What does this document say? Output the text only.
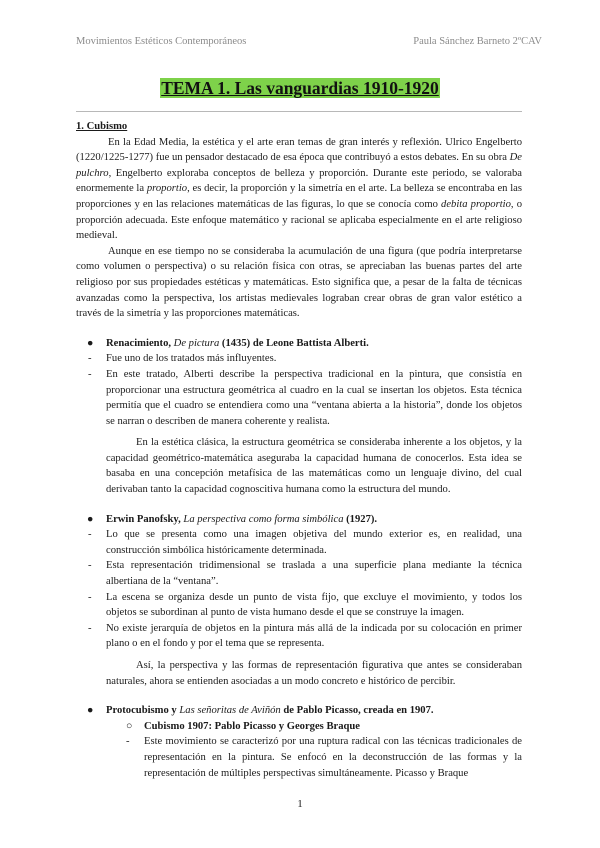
Movimientos Estéticos Contemporáneos	Paula Sánchez Barneto 2ºCAV
TEMA 1. Las vanguardias 1910-1920

1. Cubismo

En la Edad Media, la estética y el arte eran temas de gran interés y reflexión. Ulrico Engelberto (1220/1225-1277) fue un pensador destacado de esa época que contribuyó a estos debates. En su obra De pulchro, Engelberto exploraba conceptos de belleza y proporción. Durante este periodo, se valoraba enormemente la proportio, es decir, la proporción y la simetría en el arte. La belleza se encontraba en las proporciones y en las relaciones matemáticas de las figuras, lo que se conocía como debita proportio, o proporción adecuada. Este enfoque matemático y racional se aplicaba especialmente en el arte religioso medieval.

Aunque en ese tiempo no se consideraba la acumulación de una figura (que podría interpretarse como volumen o perspectiva) o su relación física con otras, se apreciaban las buenas partes del arte religioso por sus propiedades estéticas y matemáticas. Esto significa que, a pesar de la falta de técnicas avanzadas como la perspectiva, los artistas medievales lograban crear obras de gran valor estético a través de la simetría y las proporciones matemáticas.

● Renacimiento, De pictura (1435) de Leone Battista Alberti.

- Fue uno de los tratados más influyentes.

- En este tratado, Alberti describe la perspectiva tradicional en la pintura, que consistía en proporcionar una estructura geométrica al cuadro en la cual se insertan los objetos. Esta técnica permitía que el cuadro se entendiera como una “ventana abierta a la historia”, donde los objetos se narran o describen de manera coherente y realista.

En la estética clásica, la estructura geométrica se consideraba inherente a los objetos, y la capacidad geométrico-matemática aseguraba la capacidad humana de conocerlos. Esta idea se basaba en una concepción metafísica de las matemáticas como un lenguaje divino, del cual derivaban tanto la capacidad cognoscitiva humana como la estructura del mundo.

● Erwin Panofsky, La perspectiva como forma simbólica (1927).

- Lo que se presenta como una imagen objetiva del mundo exterior es, en realidad, una construcción simbólica históricamente determinada.

- Esta representación tridimensional se traslada a una superficie plana mediante la técnica albertiana de la “ventana”.

- La escena se organiza desde un punto de vista fijo, que excluye el movimiento, y todos los objetos se subordinan al punto de vista humano desde el que se construye la imagen.

- No existe jerarquía de objetos en la pintura más allá de la indicada por su colocación en primer plano o en el fondo y por el tema que se representa.

Así, la perspectiva y las formas de representación figurativa que antes se consideraban naturales, ahora se entienden asociadas a un modo concreto e histórico de percibir.

● Protocubismo y Las señoritas de Aviñón de Pablo Picasso, creada en 1907.

○ Cubismo 1907: Pablo Picasso y Georges Braque

- Este movimiento se caracterizó por una ruptura radical con las técnicas tradicionales de representación en la pintura. Se enfocó en la deconstrucción de las formas y la representación de múltiples perspectivas simultáneamente. Picasso y Braque

1
